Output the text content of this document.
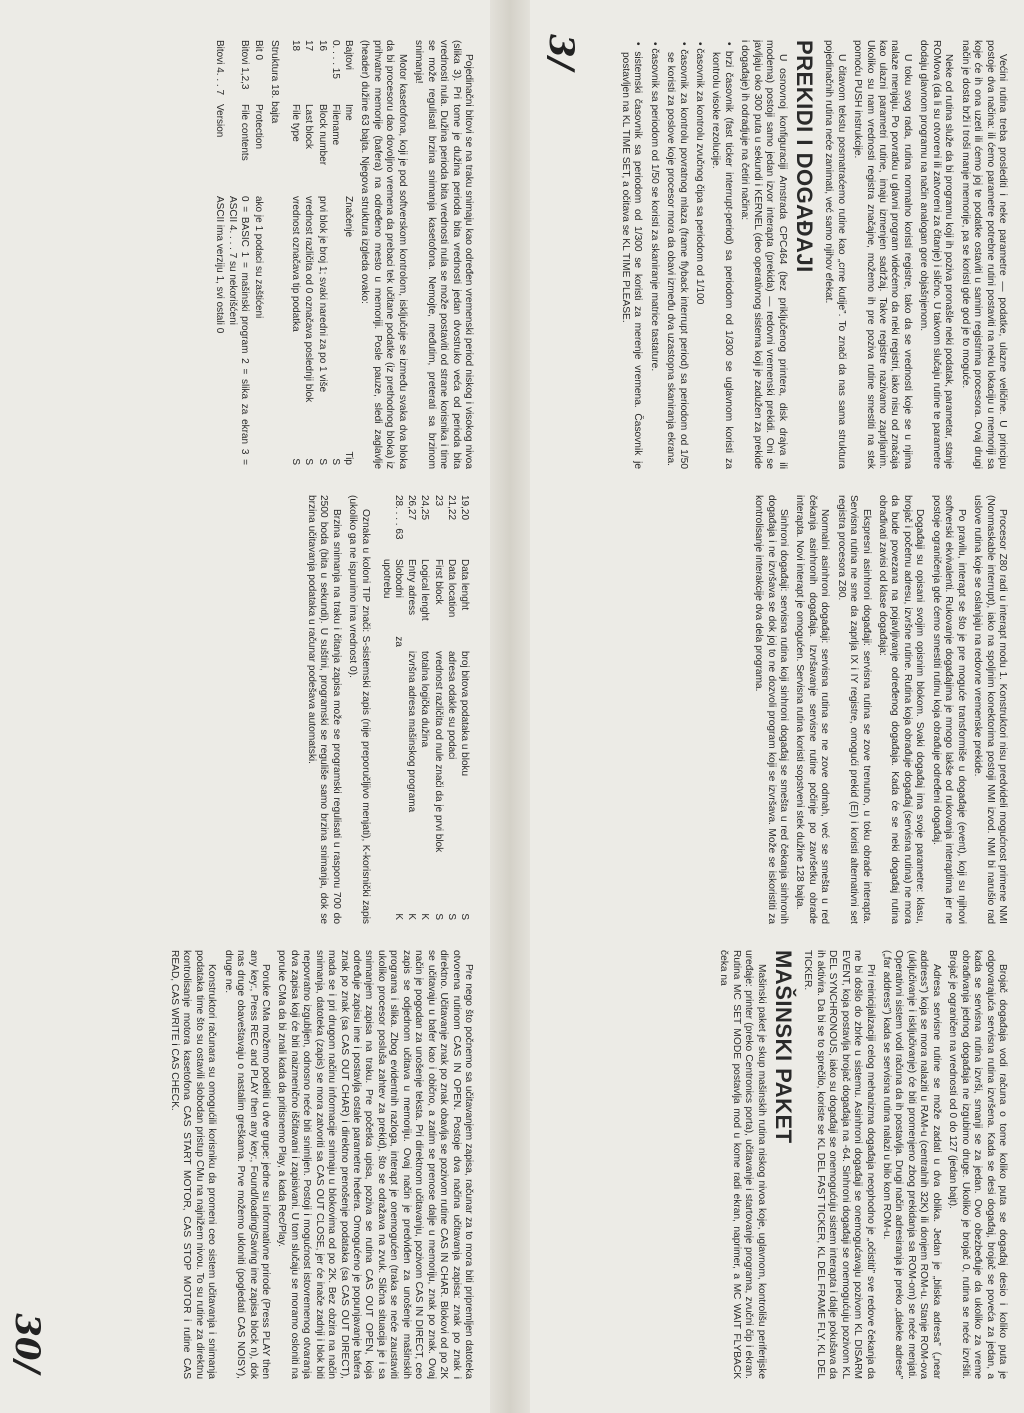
Pojedinačni bitovi se na traku snimaju kao određen vremenski period niskog i visokog nivoa (slika 3). Pri tome je dužina perioda bita vrednosti jedan dvostruko veća od perioda bita vrednosti nula. Dužina perioda bita vrednosti nula se može postaviti od strane korisnika i time se može regulisati brzina snimanja kasetofona. Nemojte, međutim, preterati sa brzinom snimanja!

Motor kasetofona, koji je pod softverskom kontrolom, isključuje se između svaka dva bloka da bi procesoru dao dovoljno vremena da prebaci tek učitane podatke (iz prethodnog bloka) iz prihvatne memorije (bafera) na određeno mesto u memoriji. Posle pauze, sledi zaglavlje (header) dužine 63 bajta. Njegova struktura izgleda ovako:

Bajtovi	Ime	Značenje	Tip
0. . . . 15	Filename		S
16	Block number	prvi blok je broj 1; svaki naredni za po 1 više	S
17	Last block	vrednost različita od 0 označava poslednji blok	S
18	File type	vrednost označava tip podatka	S

Struktura 18. bajta

Bit 0	Protection	ako je 1 podaci su zaštićeni
Bitovi 1,2,3	File contents	0 = BASIC 1 = mašinski program 2 = slika za ekran 3 = ASCII 4. . . . 7 su nekorišćeni
Bitovi 4. . . 7	Version	ASCII ima verziju 1, svi ostali 0
19,20	Data lenght	broj bitova podataka u bloku	S
21,22	Data location	adresa odakle su podaci	S
23	First block	vrednost različita od nule znači da je prvi blok	S
24,25	Logical lenght	totalna logička dužina	K
26,27	Entry adress	izvršna adresa mašinskog programa	K
28. . . . 63	Slobodni za upotrebu		K

Oznaka u koloni TIP znači: S-sistemski zapis (nije preporučljivo menjati), K-korisnički zapis (ukoliko ga ne ispunimo ima vrednost 0).

Brzina snimanja na traku i čitanja zapisa može se programski regulisati u rasponu 700 do 2500 boda (bita u sekundi). U suštini, programski se reguliše samo brzina snimanja, dok se brzina učitavanja podataka u računar podešava automatski.

Pre nego što počnemo sa učitavanjem zapisa, računar za to mora biti pripremljen datoteka otvorena rutinom CAS IN OPEN. Postoje dva načina učitavanja zapisa: znak po znak i direktno. Učitavanje znak po znak obavlja se pozivom rutine CAS IN CHAR. Blokovi od po 2K se učitavaju u bafer kao i obično, a zatim se prenose dalje u memoriju, znak po znak. Ovaj način je pogodan za unošenje teksta. Pri direktnom učitavanju, pozivom CAS IN DIRECT, ceo zapis se odjednom učitava u memoriju. Ovaj način je predviđen za unošenje mašinskih programa i slika. Zbog evidentnih razloga, interapt je onemogućen (traka se neće zaustaviti ukoliko procesor posluša zahtev za prekid), što se odražava na zvuk. Slična situacija je i sa snimanjem zapisa na traku. Pre početka upisa, poziva se rutina CAS OUT OPEN, koja određuje zapisu ime i postavlja ostale parametre hedera. Omogućeno je popunjavanje bafera znak po znak (sa CAS OUT CHAR) i direktno prenošenje podataka (sa CAS OUT DIRECT), mada se i pri drugom načinu informacije snimaju u blokovima od po 2K. Bez obzira na način snimanja, datoteka (zapis) se mora zatvoriti sa CAS OUT CLOSE, jer će inače zadnji i blok biti nepovratno izgubljen, odnosno neće biti snimljen. Postoji i mogućnost istovremenog otvaranja dva zapisa koji će biti naizmenično iščitavani i zapisivani. U tom slučaju se moramo osloniti na poruke CMa da bi znali kada da pritisnemo Play, a kada Rec/Play.

Poruke CMa možemo podeliti u dve grupe: jedne su informativne prirode (Press PLAY then any key:, Press REC and PLAY then any key:, Found/loading/Saving ime zapisa block n), dok nas druge obaveštavaju o nastalim greškama. Prve možemo ukloniti (pogledati CAS NOISY), druge ne.

Konstruktori računara su omogućili korisniku da promeni ceo sistem učitavanja i snimanja podataka time što su ostavili slobodan pristup CMu na najnižem nivou. To su rutine za direktnu kontrolisanje motora kasetofona CAS START MOTOR, CAS STOP MOTOR i rutine CAS READ, CAS WRITE i CAS CHECK.

30/

Većini rutina treba proslediti i neke parametre — podatke, ulazne veličine. U principu postoje dva načina: ili ćemo parametre potrebne rutini postaviti na neku lokaciju u memoriji sa koje će ih ona uzeti ili ćemo joj te podatke ostaviti u samim registrima procesora. Ovaj drugi način je dosta brži i troši manje memorije, pa se koristi gde god je to moguće.

Neke od rutina služe da bi programu koji ih poziva pronašle neki podatak, parametar, stanje ROMova (da li su otvoreni ili zatvoreni za čitanje) i slično. U takvom slučaju rutine te parametre dodaju glavnom programu na način analogan gore objašnjenom.

U toku svog rada, rutina normalno koristi registre, tako da se vrednosti koje se u njima nalaze menjaju. Po povratku u glavni program videćemo da neki registri, iako nisu od značaja kao ulazni parametri rutine, imaju izmenjen sadržaj. Takve registre nazivamo zaprljanim. Ukoliko su nam vrednosti registra značajne, možemo ih pre poziva rutine smestiti na stek pomoću PUSH instrukcije.

U čitavom tekstu posmatraćemo rutine kao „crne kutije”. To znači da nas sama struktura pojedinačnih rutina neće zanimati, već samo njihov efekat.

PREKIDI I DOGAĐAJI

U osnovnoj konfiguraciji Amstrada CPC464 (bez priključenog printera, disk drajva ili modema) postoji samo jedan izvor interapta (prekida) — redovni vremenski prekidi. Oni se javljaju oko 300 puta u sekundi i KERNEL (deo operativnog sistema koji je zadužen za prekide i događaje) ih odradjuje na četiri načina:

• brzi časovnik (fast ticker interrupt-period) sa periodom od 1/300 se uglavnom koristi za kontrolu visoke rezolucije.

• časovnik za kontrolu zvučnog čipa sa periodom od 1/100

• časovnik za kontrolu povratnog mlaza (frame flyback interrupt period) sa periodom od 1/50 se koristi za poslove koje procesor mora da obavi između dva uzastopna skaniranja ekrana.

• časovnik sa periodom od 1/50 se koristi za skaniranje matrice tastature.

• sistemski časovnik sa periodom od 1/300 se koristi za merenje vremena. Časovnik je postavljen na KL TIME SET, a očitava se KL TIME PLEASE.

Procesor Z80 radi u interapt modu 1. Konstruktori nisu predvideli mogućnost primene NMI (Nonmaskable interrupt), iako na spoljnim konektorima postoji NMI izvod. NMI bi narušio rad uslove rutina koje se oslanjaju na redovne vremenske prekide.

Po pravilu, interapt se što je pre moguće transformiše u događaje (event), koji su njihovi softverski ekvivalenti. Rukovanje događajima je mnogo lakše od rukovanja interaptima jer ne postoje ograničenja gde ćemo smestiti rutinu koja obrađuje određeni događaj.

Događaji su opisani svojim opisnim blokom. Svaki događaj ima svoje parametre: klasu, brojač i početnu adresu, izvršne rutine. Rutina koja obrađuje događaj (servisna rutina) ne mora da bude povezana na pojavljivanje određenog događaja. Kada će se neki događaj rutina obrađivati zavisi od klase događaja:

Ekspresni asinhroni događaji: servisna rutina se zove trenutno, u toku obrade interapta. Servisna rutina ne sme da zaprlja IX i IY registre, omogući prekid (EI) i koristi alternativni set registra procesora Z80.

Normalni asinhroni događaji: servisna rutina se ne zove odmah, već se smešta u red čekanja asinhronih događaja. Izvršavanje servisne rutine počinje po završetku obrade interapta. Novi interapt je omogućen. Servisna rutina koristi sopstveni stek dužine 128 bajta.

Sinhroni događaji: servisna rutina koji sinhroni događaj se smešta u red čekanja sinhronih događaja i ne izvršava se dok joj to ne dozvoli program koji se izvršava. Može se iskoristiti za kontrolisanje interakcije dva dela programa.

Brojač događaja vodi računa o tome koliko puta se događaj desio i koliko puta je odgovarajuća servisna rutina izvršena. Kada se desi događaj, brojač se poveća za jedan, a kada se servisna rutina izvrši, smanji se za jedan. Ovo obezbeđuje da ukoliko za vreme obrađivanja jednog događaja ne izgubimo druge. Ukoliko je brojač 0, rutina se neće izvršiti. Brojač je ograničen na vrednosti od 0 do 127 (jedan bajt).

Adresa servisne rutine se može zadati u dva oblika. Jedan je „bliska adresa” („near address”) koja se mora nalaziti u RAM-u (centralnih 32K) ili donjem ROM-u. Stanje ROM-ova (uključivanje i isključivanje) će biti promenjeno zbog prekidanja sa ROM-om) se neće menjati. Operativni sistem vodi računa da ih postavlja. Drugi način adresiranja je preko „daleke adrese” („far address”) kada se servisna rutina nalazi u bilo kom ROM-u.

Pri reinicijalizaciji celog mehanizma događaja neophodno je „očistiti” sve redove čekanja da ne bi došlo do zbrke u sistemu. Asinhroni događaji se onemogućavaju pozivom KL DISARM EVENT, koja postavlja brojač događaja na -64. Sinhroni događaji se onemogućuju pozivom KL DEL SYNCHRONOUS, iako su događaji se onemogućuju sistem interapta i dalje pokušava da ih aktivira. Da bi se to sprečilo, koriste se KL DEL FAST TICKER, KL DEL FRAME FLY, KL DEL TICKER.

MAŠINSKI PAKET

Mašinski paket je skup mašinskih rutina niskog nivoa koje, uglavnom, kontrolišu periferijske uređaje: printer (preko Centronics porta), učitavanje i startovanje programa, zvučni čip i ekran. Rutina MC SET MODE postavlja mod u kome radi ekran, naprimer, a MC WAIT FLYBACK čeka na

3/
